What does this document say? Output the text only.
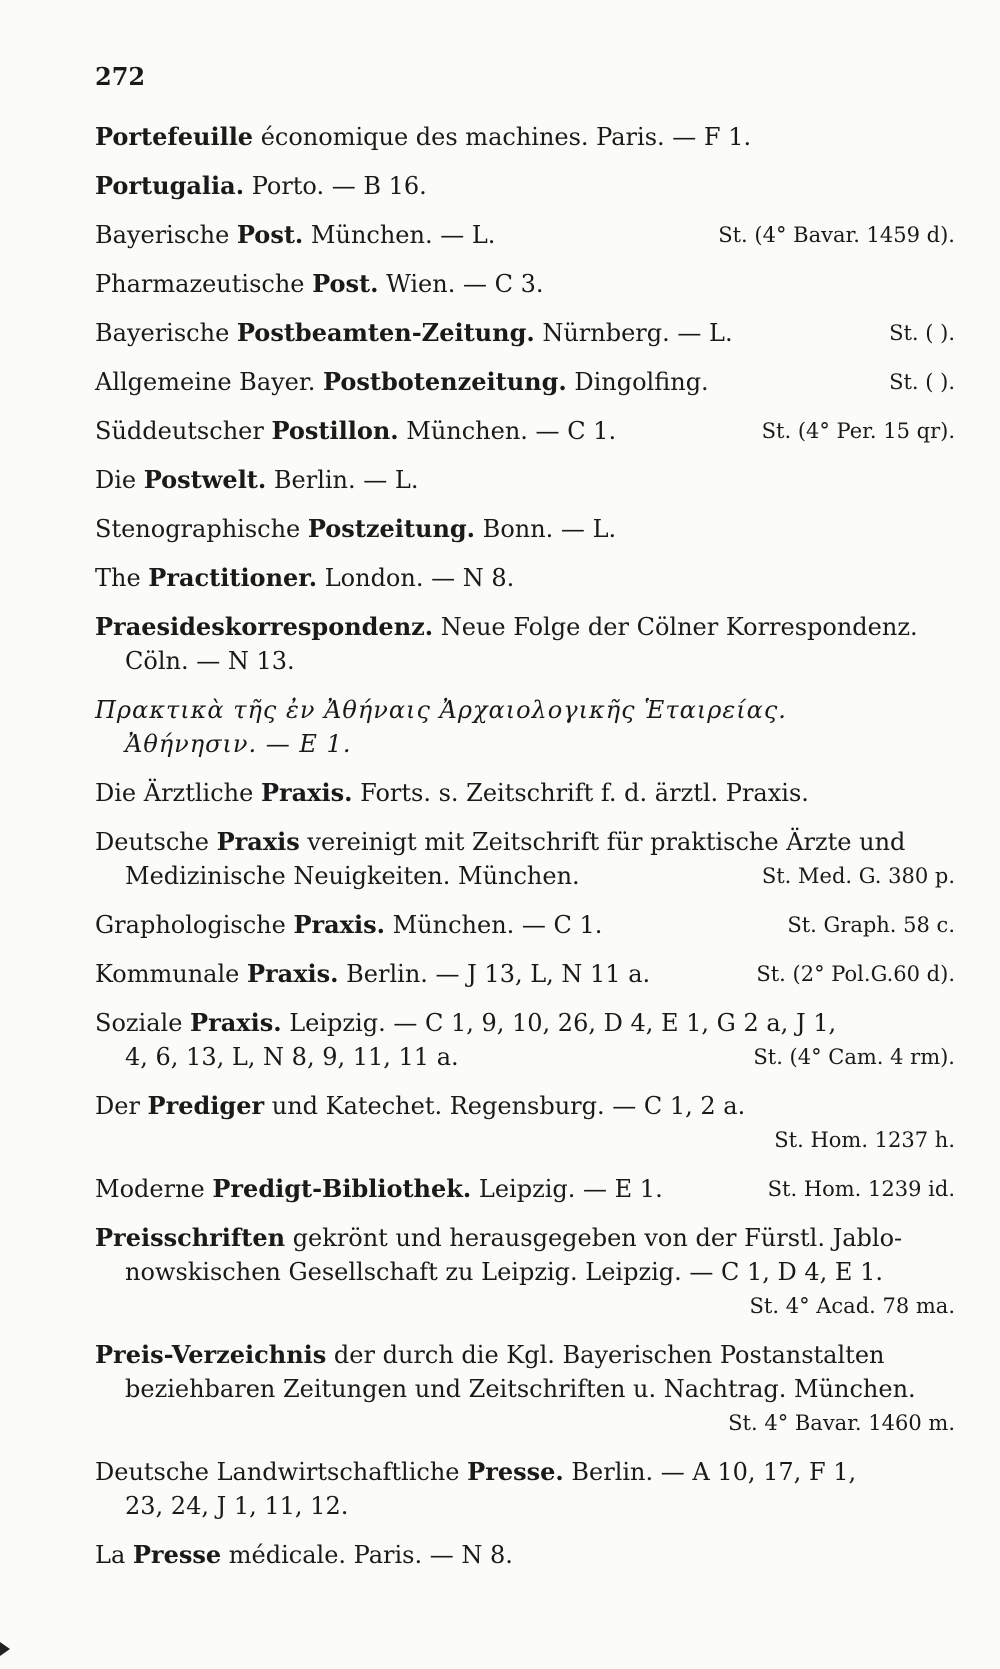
272
Portefeuille économique des machines. Paris. — F 1.
Portugalia. Porto. — B 16.
Bayerische Post. München. — L.	St. (4° Bavar. 1459 d).
Pharmazeutische Post. Wien. — C 3.
Bayerische Postbeamten-Zeitung. Nürnberg. — L.	St. ( ).
Allgemeine Bayer. Postbotenzeitung. Dingolfing.	St. ( ).
Süddeutscher Postillon. München. — C 1.	St. (4° Per. 15 qr).
Die Postwelt. Berlin. — L.
Stenographische Postzeitung. Bonn. — L.
The Practitioner. London. — N 8.
Praesideskorrespondenz. Neue Folge der Cölner Korrespondenz.
Cöln. — N 13.
Πρακτικὰ τῆς ἐν Ἀθήναις Ἀρχαιολογικῆς Ἑταιρείας.
Ἀθήνησιν. — E 1.
Die Ärztliche Praxis. Forts. s. Zeitschrift f. d. ärztl. Praxis.
Deutsche Praxis vereinigt mit Zeitschrift für praktische Ärzte und
Medizinische Neuigkeiten. München.	St. Med. G. 380 p.
Graphologische Praxis. München. — C 1.	St. Graph. 58 c.
Kommunale Praxis. Berlin. — J 13, L, N 11 a.	St. (2° Pol.G.60 d).
Soziale Praxis. Leipzig. — C 1, 9, 10, 26, D 4, E 1, G 2 a, J 1,
4, 6, 13, L, N 8, 9, 11, 11 a.	St. (4° Cam. 4 rm).
Der Prediger und Katechet. Regensburg. — C 1, 2 a.
St. Hom. 1237 h.
Moderne Predigt-Bibliothek. Leipzig. — E 1.	St. Hom. 1239 id.
Preisschriften gekrönt und herausgegeben von der Fürstl. Jablo-
nowskischen Gesellschaft zu Leipzig. Leipzig. — C 1, D 4, E 1.
St. 4° Acad. 78 ma.
Preis-Verzeichnis der durch die Kgl. Bayerischen Postanstalten
beziehbaren Zeitungen und Zeitschriften u. Nachtrag. München.
St. 4° Bavar. 1460 m.
Deutsche Landwirtschaftliche Presse. Berlin. — A 10, 17, F 1,
23, 24, J 1, 11, 12.
La Presse médicale. Paris. — N 8.
